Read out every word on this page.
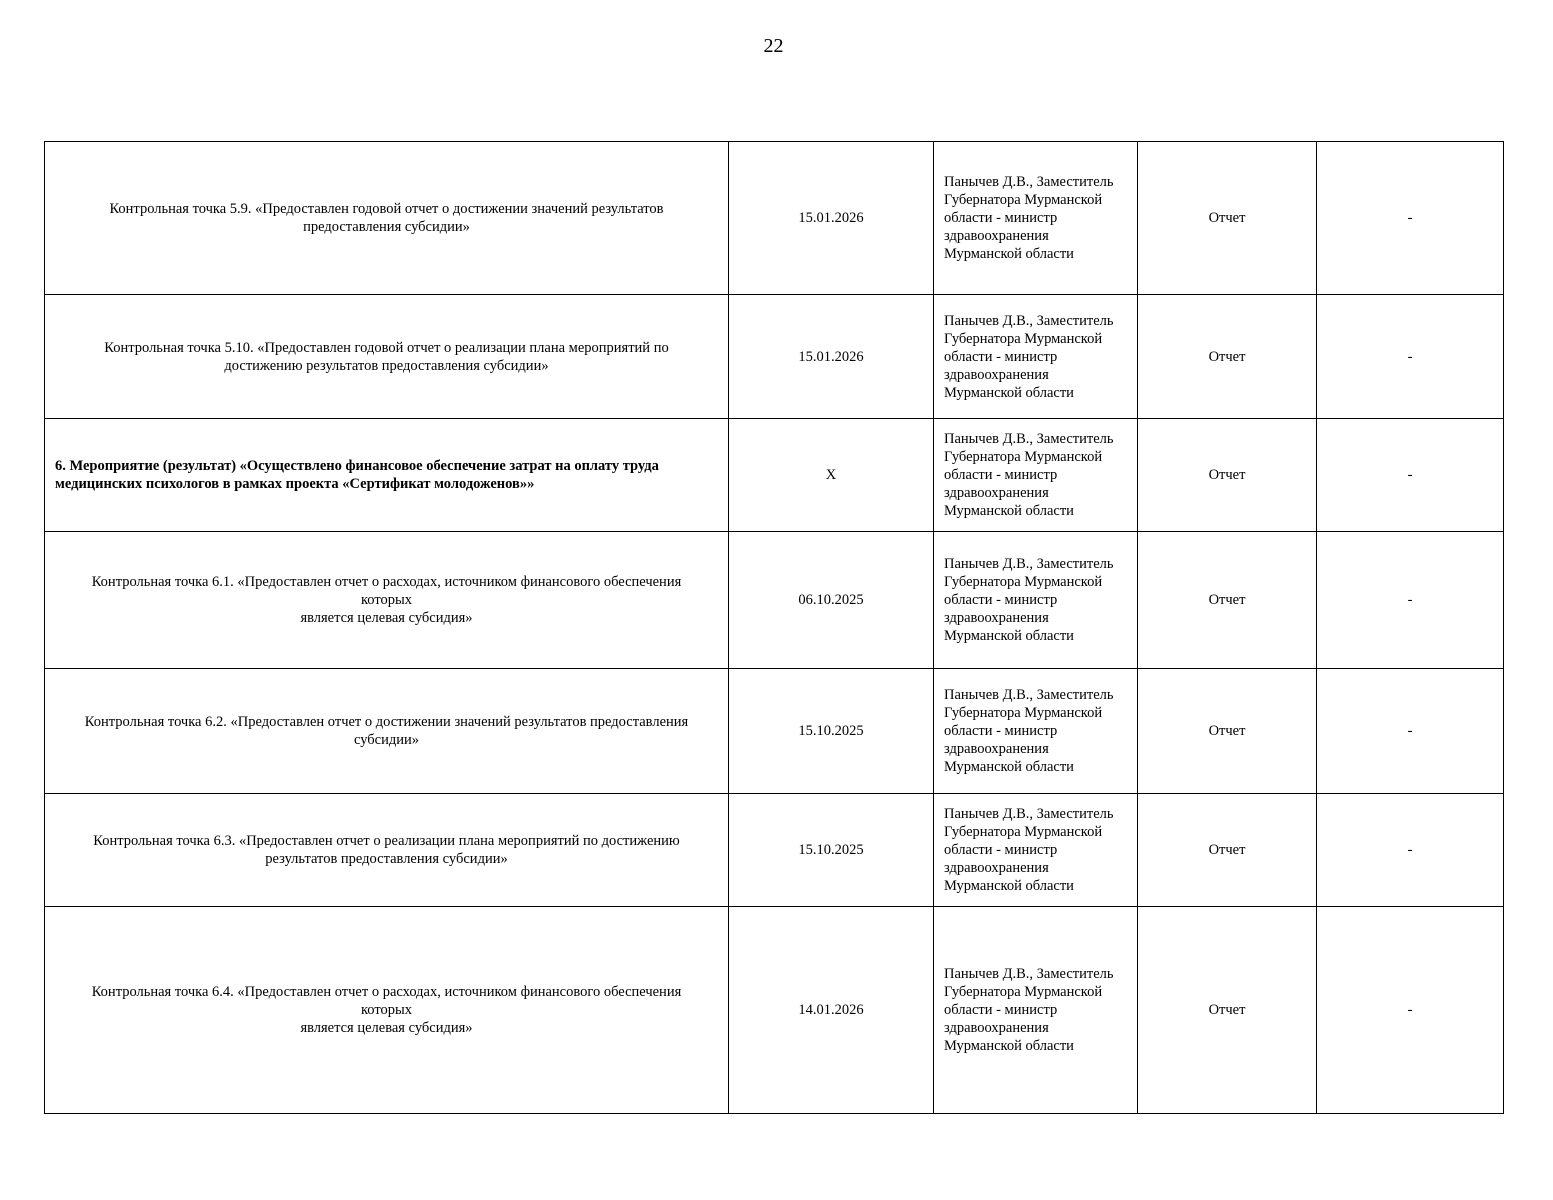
22
Контрольная точка 5.9. «Предоставлен годовой отчет о достижении значений результатов
предоставления субсидии»	15.01.2026	Панычев Д.В., Заместитель
Губернатора Мурманской
области - министр
здравоохранения
Мурманской области	Отчет	-
Контрольная точка 5.10. «Предоставлен годовой отчет о реализации плана мероприятий по
достижению результатов предоставления субсидии»	15.01.2026	Панычев Д.В., Заместитель
Губернатора Мурманской
области - министр
здравоохранения
Мурманской области	Отчет	-
6. Мероприятие (результат) «Осуществлено финансовое обеспечение затрат на оплату труда
медицинских психологов в рамках проекта «Сертификат молодоженов»»	X	Панычев Д.В., Заместитель
Губернатора Мурманской
области - министр
здравоохранения
Мурманской области	Отчет	-
Контрольная точка 6.1. «Предоставлен отчет о расходах, источником финансового обеспечения
которых
является целевая субсидия»	06.10.2025	Панычев Д.В., Заместитель
Губернатора Мурманской
области - министр
здравоохранения
Мурманской области	Отчет	-
Контрольная точка 6.2. «Предоставлен отчет о достижении значений результатов предоставления
субсидии»	15.10.2025	Панычев Д.В., Заместитель
Губернатора Мурманской
области - министр
здравоохранения
Мурманской области	Отчет	-
Контрольная точка 6.3. «Предоставлен отчет о реализации плана мероприятий по достижению
результатов предоставления субсидии»	15.10.2025	Панычев Д.В., Заместитель
Губернатора Мурманской
области - министр
здравоохранения
Мурманской области	Отчет	-
Контрольная точка 6.4. «Предоставлен отчет о расходах, источником финансового обеспечения
которых
является целевая субсидия»	14.01.2026	Панычев Д.В., Заместитель
Губернатора Мурманской
области - министр
здравоохранения
Мурманской области	Отчет	-
